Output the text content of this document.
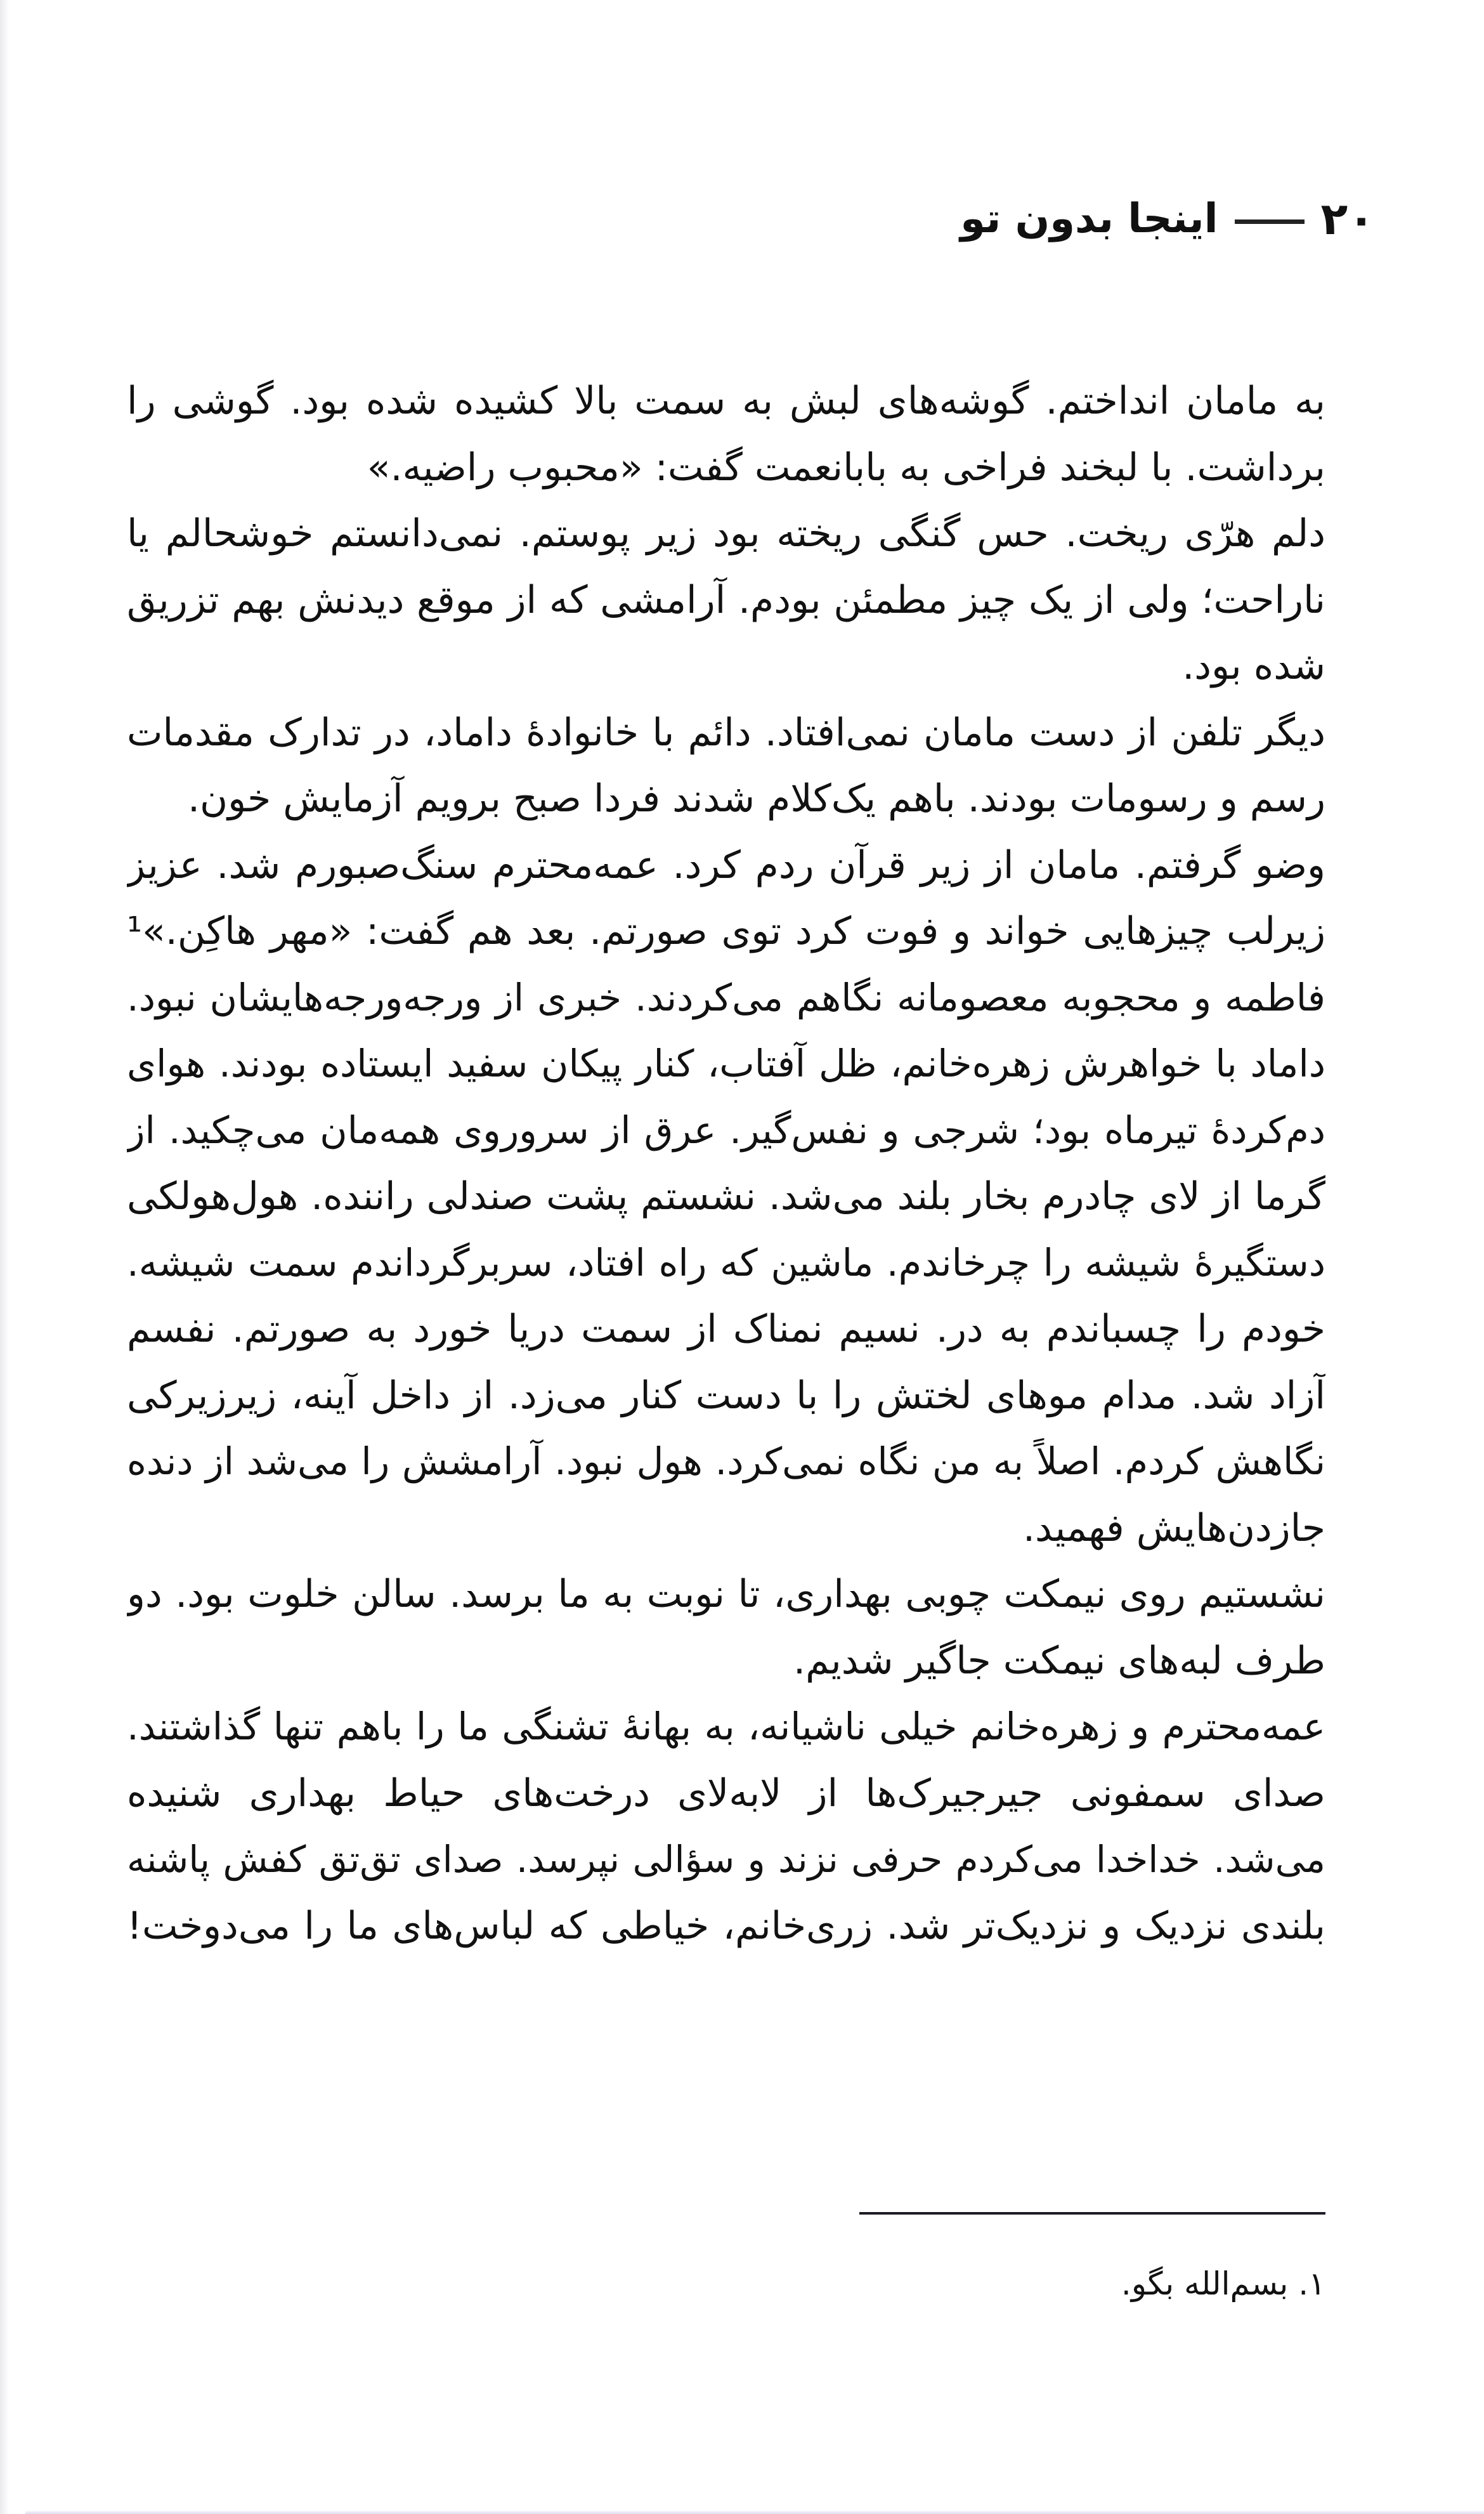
۲۰
اینجا بدون تو
به مامان انداختم. گوشه‌های لبش به سمت بالا کشیده شده بود. گوشی را
برداشت. با لبخند فراخی به بابانعمت گفت: «محبوب راضیه.»
دلم هرّی ریخت. حس گنگی ریخته بود زیر پوستم. نمی‌دانستم خوشحالم یا
ناراحت؛ ولی از یک چیز مطمئن بودم. آرامشی که از موقع دیدنش بهم تزریق
شده بود.
دیگر تلفن از دست مامان نمی‌افتاد. دائم با خانوادهٔ داماد، در تدارک مقدمات
رسم و رسومات بودند. باهم یک‌کلام شدند فردا صبح برویم آزمایش خون.
وضو گرفتم. مامان از زیر قرآن ردم کرد. عمه‌محترم سنگ‌صبورم شد. عزیز
زیرلب چیزهایی خواند و فوت کرد توی صورتم. بعد هم گفت: «مهر هاکِن.»¹
فاطمه و محجوبه معصومانه نگاهم می‌کردند. خبری از ورجه‌ورجه‌هایشان نبود.
داماد با خواهرش زهره‌خانم، ظل آفتاب، کنار پیکان سفید ایستاده بودند. هوای
دم‌کردهٔ تیرماه بود؛ شرجی و نفس‌گیر. عرق از سروروی همه‌مان می‌چکید. از
گرما از لای چادرم بخار بلند می‌شد. نشستم پشت صندلی راننده. هول‌هولکی
دستگیرهٔ شیشه را چرخاندم. ماشین که راه افتاد، سربرگرداندم سمت شیشه.
خودم را چسباندم به در. نسیم نمناک از سمت دریا خورد به صورتم. نفسم
آزاد شد. مدام موهای لختش را با دست کنار می‌زد. از داخل آینه، زیرزیرکی
نگاهش کردم. اصلاً به من نگاه نمی‌کرد. هول نبود. آرامشش را می‌شد از دنده
جازدن‌هایش فهمید.
نشستیم روی نیمکت چوبی بهداری، تا نوبت به ما برسد. سالن خلوت بود. دو
طرف لبه‌های نیمکت جاگیر شدیم.
عمه‌محترم و زهره‌خانم خیلی ناشیانه، به بهانهٔ تشنگی ما را باهم تنها گذاشتند.
صدای سمفونی جیرجیرک‌ها از لابه‌لای درخت‌های حیاط بهداری شنیده
می‌شد. خداخدا می‌کردم حرفی نزند و سؤالی نپرسد. صدای تق‌تق کفش پاشنه
بلندی نزدیک و نزدیک‌تر شد. زری‌خانم، خیاطی که لباس‌های ما را می‌دوخت!
۱. بسم‌الله بگو.
